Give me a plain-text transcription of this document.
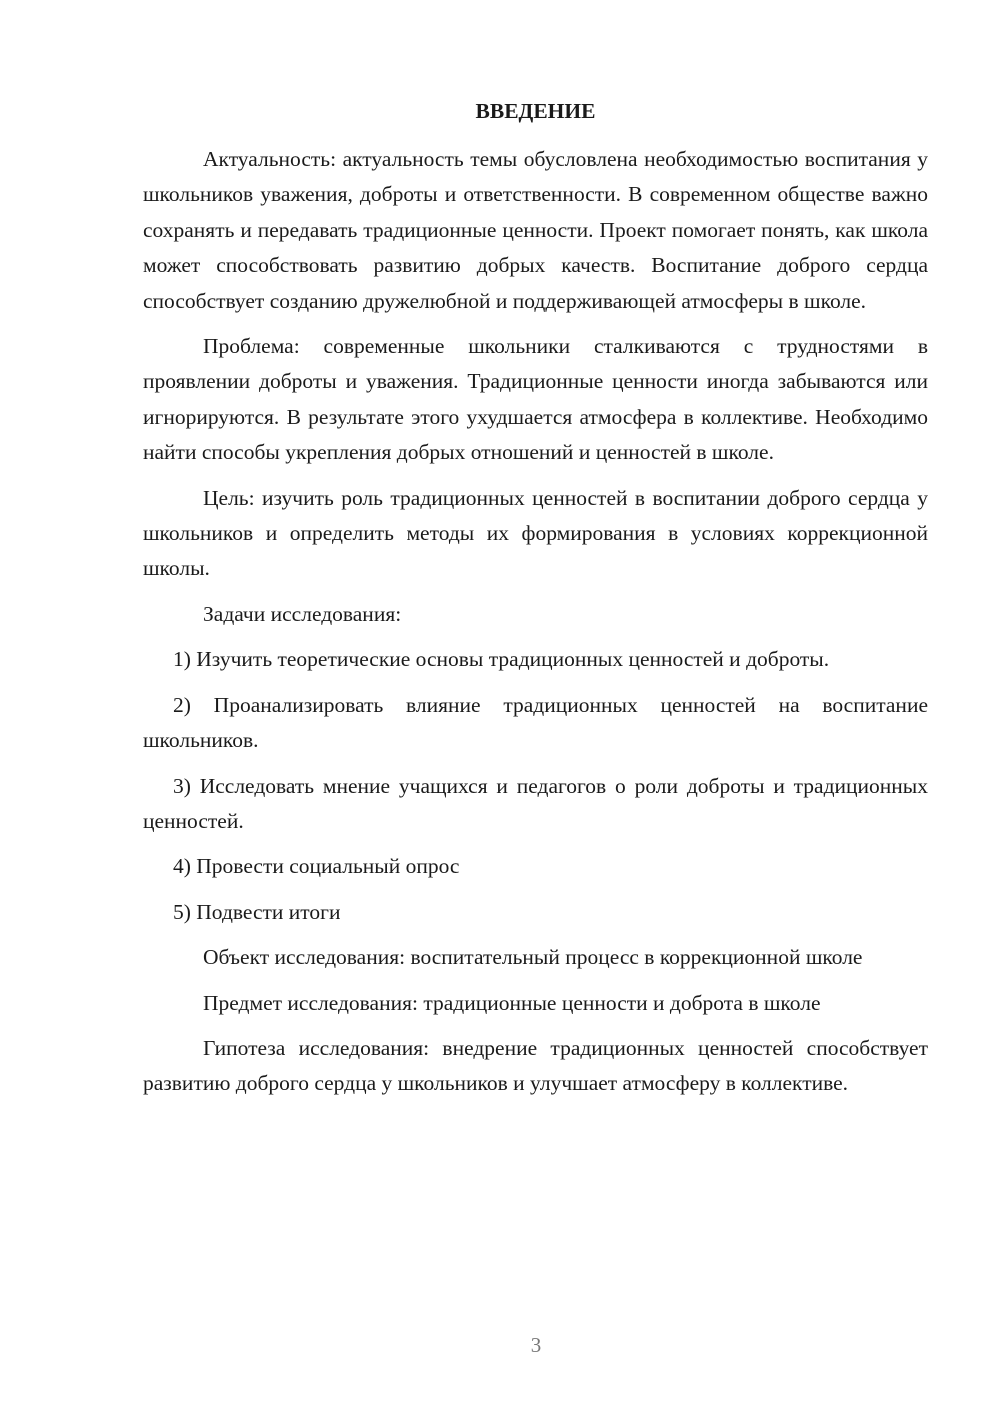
ВВЕДЕНИЕ

Актуальность: актуальность темы обусловлена необходимостью воспитания у школьников уважения, доброты и ответственности. В современном обществе важно сохранять и передавать традиционные ценности. Проект помогает понять, как школа может способствовать развитию добрых качеств. Воспитание доброго сердца способствует созданию дружелюбной и поддерживающей атмосферы в школе.

Проблема: современные школьники сталкиваются с трудностями в проявлении доброты и уважения. Традиционные ценности иногда забываются или игнорируются. В результате этого ухудшается атмосфера в коллективе. Необходимо найти способы укрепления добрых отношений и ценностей в школе.

Цель: изучить роль традиционных ценностей в воспитании доброго сердца у школьников и определить методы их формирования в условиях коррекционной школы.

Задачи исследования:

1) Изучить теоретические основы традиционных ценностей и доброты.

2) Проанализировать влияние традиционных ценностей на воспитание школьников.

3) Исследовать мнение учащихся и педагогов о роли доброты и традиционных ценностей.

4) Провести социальный опрос

5) Подвести итоги

Объект исследования: воспитательный процесс в коррекционной школе

Предмет исследования: традиционные ценности и доброта в школе

Гипотеза исследования: внедрение традиционных ценностей способствует развитию доброго сердца у школьников и улучшает атмосферу в коллективе.

3
